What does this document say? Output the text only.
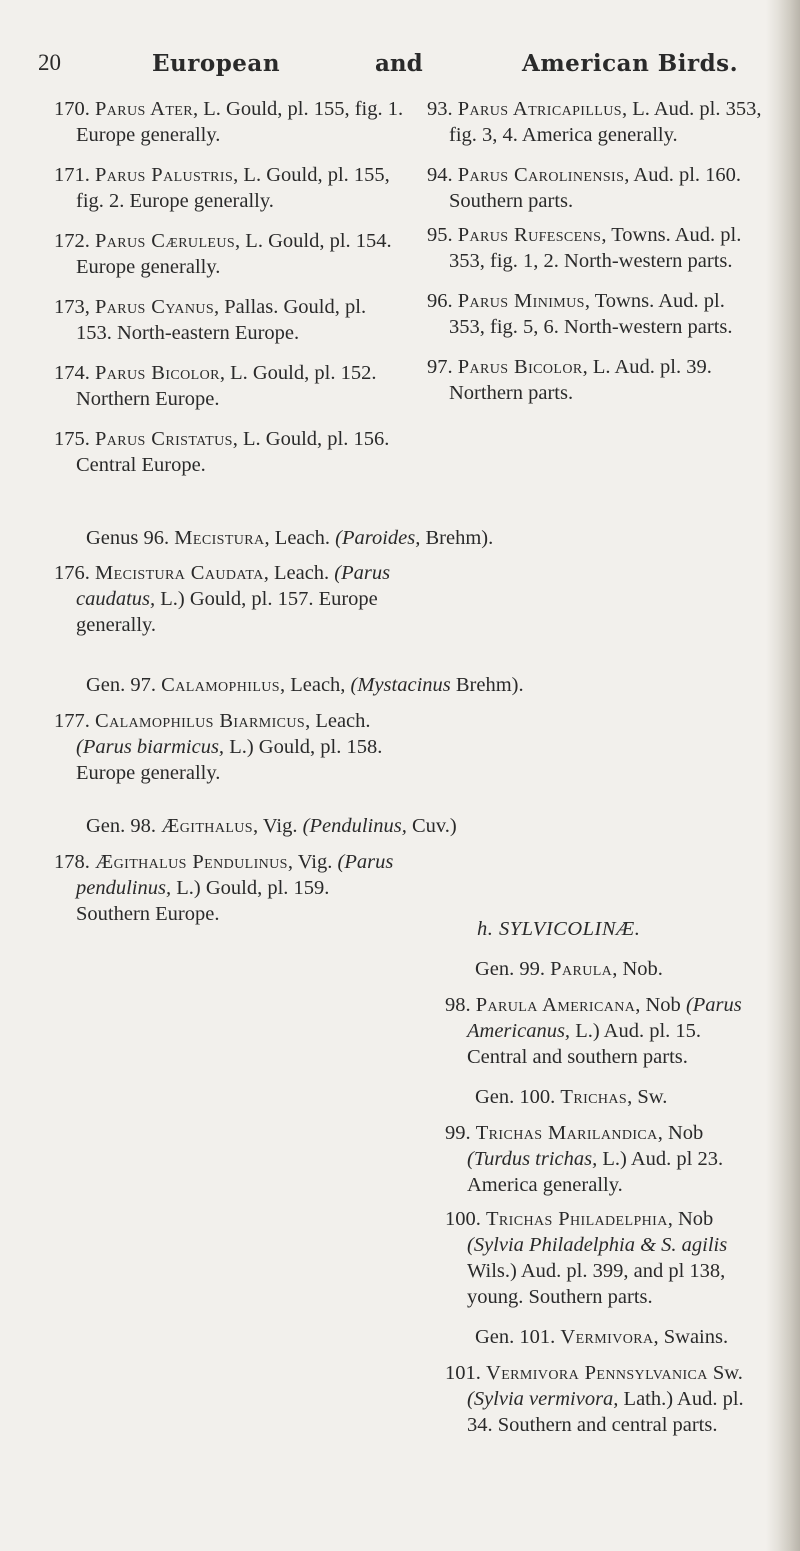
20	European	and	American Birds.
170. Parus Ater, L. Gould, pl. 155, fig. 1. Europe generally.
171. Parus Palustris, L. Gould, pl. 155, fig. 2. Europe generally.
172. Parus Cæruleus, L. Gould, pl. 154. Europe generally.
173, Parus Cyanus, Pallas. Gould, pl. 153. North-eastern Europe.
174. Parus Bicolor, L. Gould, pl. 152. Northern Europe.
175. Parus Cristatus, L. Gould, pl. 156. Central Europe.
Genus 96. Mecistura, Leach. (Paroides, Brehm).
176. Mecistura Caudata, Leach. (Parus caudatus, L.) Gould, pl. 157. Europe generally.
Gen. 97. Calamophilus, Leach, (Mystacinus Brehm).
177. Calamophilus Biarmicus, Leach. (Parus biarmicus, L.) Gould, pl. 158. Europe generally.
Gen. 98. Ægithalus, Vig. (Pendulinus, Cuv.)
178. Ægithalus Pendulinus, Vig. (Parus pendulinus, L.) Gould, pl. 159. Southern Europe.
93. Parus Atricapillus, L. Aud. pl. 353, fig. 3, 4. America generally.
94. Parus Carolinensis, Aud. pl. 160. Southern parts.
95. Parus Rufescens, Towns. Aud. pl. 353, fig. 1, 2. North-western parts.
96. Parus Minimus, Towns. Aud. pl. 353, fig. 5, 6. North-western parts.
97. Parus Bicolor, L. Aud. pl. 39. Northern parts.
h. SYLVICOLINÆ.
Gen. 99. Parula, Nob.
98. Parula Americana, Nob (Parus Americanus, L.) Aud. pl. 15. Central and southern parts.
Gen. 100. Trichas, Sw.
99. Trichas Marilandica, Nob (Turdus trichas, L.) Aud. pl 23. America generally.
100. Trichas Philadelphia, Nob (Sylvia Philadelphia & S. agilis Wils.) Aud. pl. 399, and pl 138, young. Southern parts.
Gen. 101. Vermivora, Swains.
101. Vermivora Pennsylvanica Sw. (Sylvia vermivora, Lath.) Aud. pl. 34. Southern and central parts.
